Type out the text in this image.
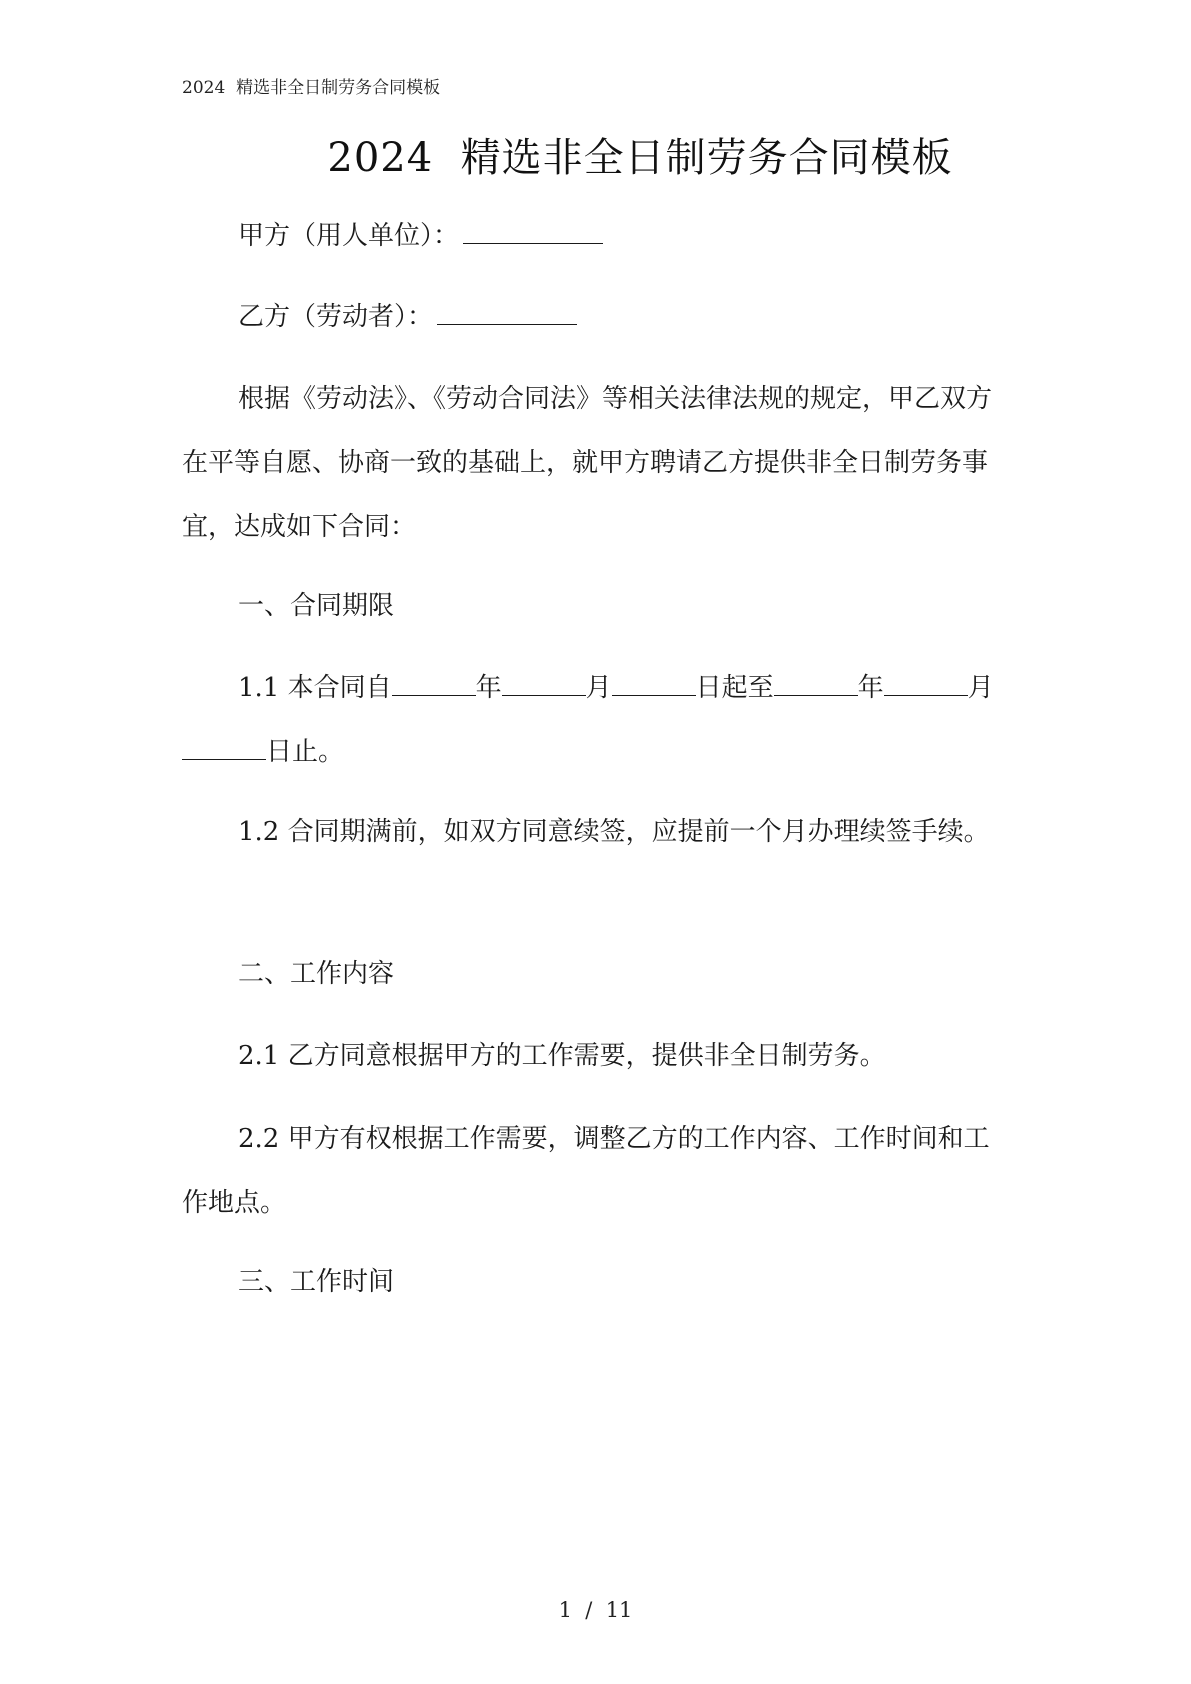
2024  精选非全日制劳务合同模板
2024  精选非全日制劳务合同模板

甲方（用人单位）：

乙方（劳动者）：

根据《劳动法》、《劳动合同法》等相关法律法规的规定，甲乙双方在平等自愿、协商一致的基础上，就甲方聘请乙方提供非全日制劳务事宜，达成如下合同：

一、合同期限

1.1 本合同自	年	月	日起至	年	月日止。

1.2 合同期满前，如双方同意续签，应提前一个月办理续签手续。

二、工作内容

2.1 乙方同意根据甲方的工作需要，提供非全日制劳务。

2.2 甲方有权根据工作需要，调整乙方的工作内容、工作时间和工作地点。

三、工作时间

1  /  11
